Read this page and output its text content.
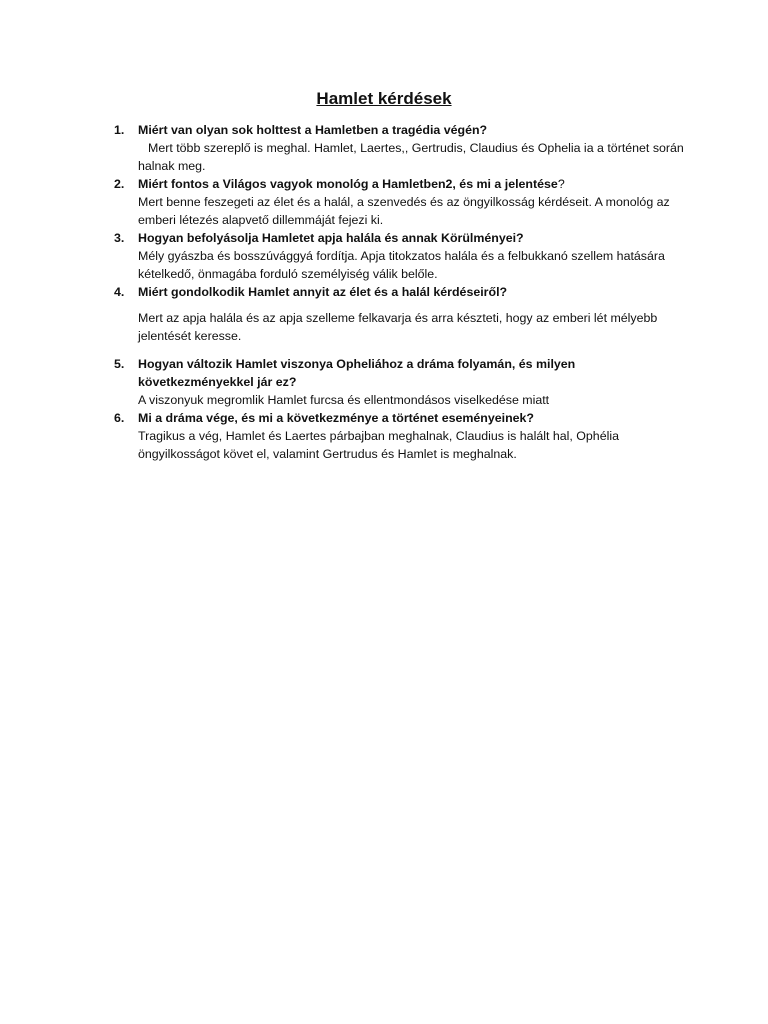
Hamlet kérdések
1. Miért van olyan sok holttest a Hamletben a tragédia végén?
Mert több szereplő is meghal. Hamlet, Laertes,, Gertrudis, Claudius és Ophelia ia a történet során halnak meg.
2. Miért fontos a Világos vagyok monológ a Hamletben2, és mi a jelentése?
Mert benne feszegeti az élet és a halál, a szenvedés és az öngyilkosság kérdéseit. A monológ az emberi létezés alapvető dillemmáját fejezi ki.
3. Hogyan befolyásolja Hamletet apja halála és annak Körülményei?
Mély gyászba és bosszúvággyá fordítja. Apja titokzatos halála és a felbukkanó szellem hatására kételkedő, önmagába forduló személyiség válik belőle.
4. Miért gondolkodik Hamlet annyit az élet és a halál kérdéseiről?
Mert az apja halála és az apja szelleme felkavarja és arra készteti, hogy az emberi lét mélyebb jelentését keresse.
5. Hogyan változik Hamlet viszonya Opheliához a dráma folyamán, és milyen következményekkel jár ez?
A viszonyuk megromlik Hamlet furcsa és ellentmondásos viselkedése miatt
6. Mi a dráma vége, és mi a következménye a történet eseményeinek?
Tragikus a vég, Hamlet és Laertes párbajban meghalnak, Claudius is halált hal, Ophélia öngyilkosságot követ el, valamint Gertrudus és Hamlet is meghalnak.
